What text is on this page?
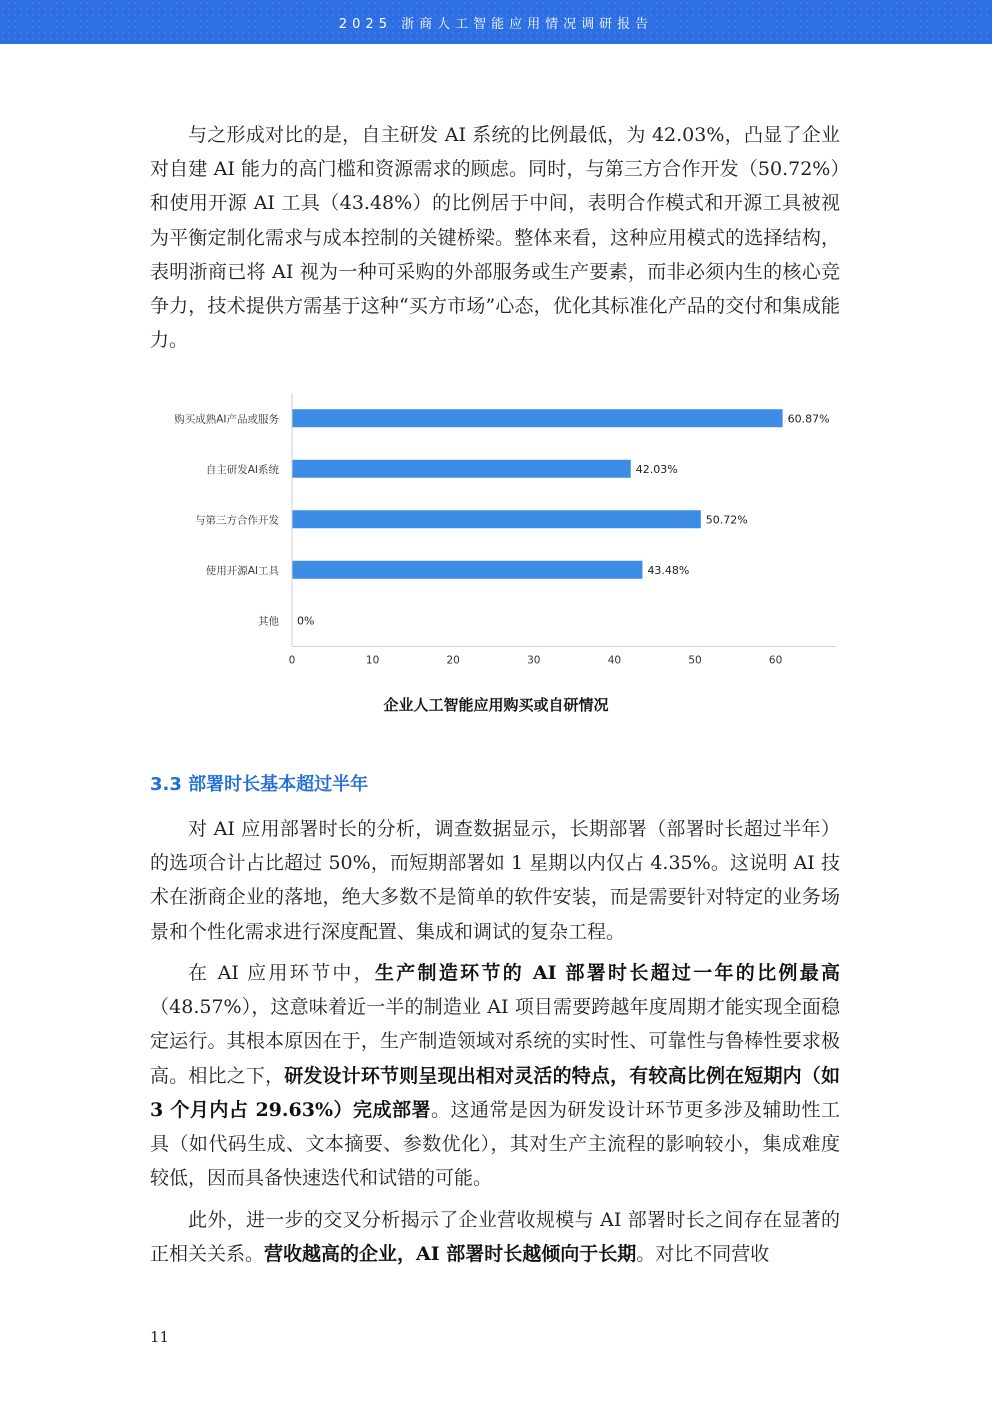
2025 浙商人工智能应用情况调研报告

与之形成对比的是，自主研发 AI 系统的比例最低，为 42.03%，凸显了企业对自建 AI 能力的高门槛和资源需求的顾虑。同时，与第三方合作开发（50.72%）和使用开源 AI 工具（43.48%）的比例居于中间，表明合作模式和开源工具被视为平衡定制化需求与成本控制的关键桥梁。整体来看，这种应用模式的选择结构，表明浙商已将 AI 视为一种可采购的外部服务或生产要素，而非必须内生的核心竞争力，技术提供方需基于这种“买方市场”心态，优化其标准化产品的交付和集成能力。

购买成熟AI产品或服务	60.87%
自主研发AI系统	42.03%
与第三方合作开发	50.72%
使用开源AI工具	43.48%
其他 0%
0	10	20	30	40	50	60

企业人工智能应用购买或自研情况

3.3 部署时长基本超过半年

对 AI 应用部署时长的分析，调查数据显示，长期部署（部署时长超过半年）的选项合计占比超过 50%，而短期部署如 1 星期以内仅占 4.35%。这说明 AI 技术在浙商企业的落地，绝大多数不是简单的软件安装，而是需要针对特定的业务场景和个性化需求进行深度配置、集成和调试的复杂工程。

在 AI 应用环节中，生产制造环节的 AI 部署时长超过一年的比例最高（48.57%），这意味着近一半的制造业 AI 项目需要跨越年度周期才能实现全面稳定运行。其根本原因在于，生产制造领域对系统的实时性、可靠性与鲁棒性要求极高。相比之下，研发设计环节则呈现出相对灵活的特点，有较高比例在短期内（如 3 个月内占 29.63%）完成部署。这通常是因为研发设计环节更多涉及辅助性工具（如代码生成、文本摘要、参数优化），其对生产主流程的影响较小，集成难度较低，因而具备快速迭代和试错的可能。

此外，进一步的交叉分析揭示了企业营收规模与 AI 部署时长之间存在显著的正相关关系。营收越高的企业，AI 部署时长越倾向于长期。对比不同营收

11
